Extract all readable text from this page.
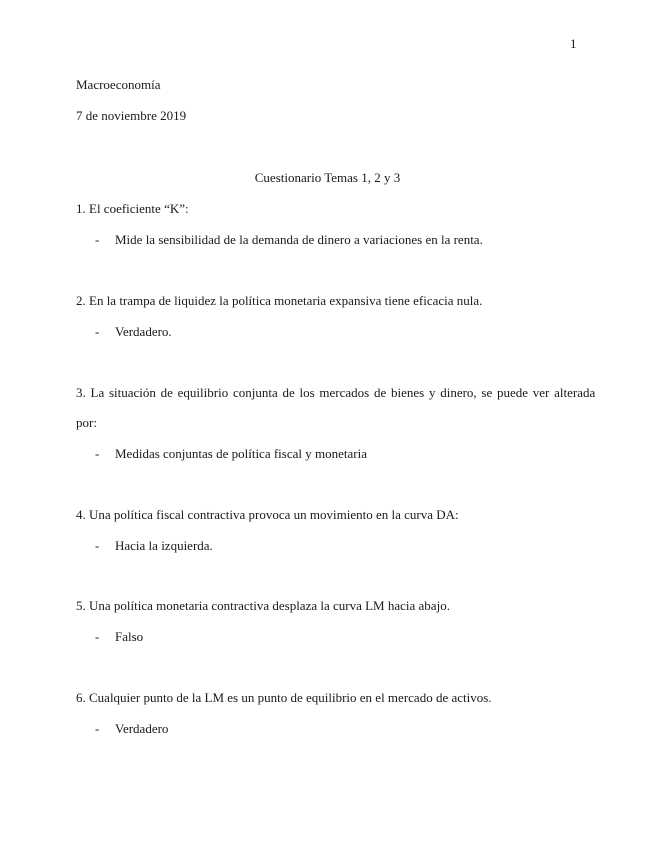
1
Macroeconomía
7 de noviembre 2019
Cuestionario Temas 1, 2 y 3
1. El coeficiente “K”:
- Mide la sensibilidad de la demanda de dinero a variaciones en la renta.
2. En la trampa de liquidez la política monetaria expansiva tiene eficacia nula.
- Verdadero.
3. La situación de equilibrio conjunta de los mercados de bienes y dinero, se puede ver alterada
por:
- Medidas conjuntas de política fiscal y monetaria
4. Una política fiscal contractiva provoca un movimiento en la curva DA:
- Hacia la izquierda.
5. Una política monetaria contractiva desplaza la curva LM hacia abajo.
- Falso
6. Cualquier punto de la LM es un punto de equilibrio en el mercado de activos.
- Verdadero
